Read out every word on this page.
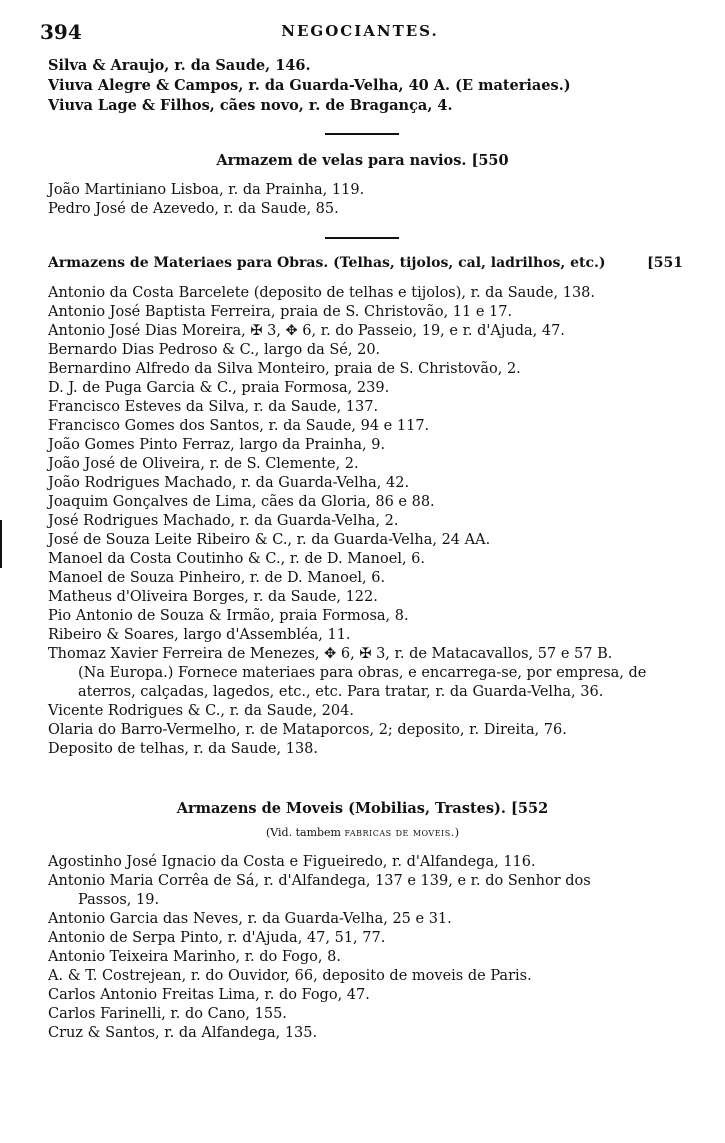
394	NEGOCIANTES.
Silva & Araujo, r. da Saude, 146.
Viuva Alegre & Campos, r. da Guarda-Velha, 40 A. (E materiaes.)
Viuva Lage & Filhos, cães novo, r. de Bragança, 4.
Armazem de velas para navios. [550
João Martiniano Lisboa, r. da Prainha, 119.
Pedro José de Azevedo, r. da Saude, 85.
Armazens de Materiaes para Obras. (Telhas, tijolos, cal, ladrilhos, etc.)	[551
Antonio da Costa Barcelete (deposito de telhas e tijolos), r. da Saude, 138.
Antonio José Baptista Ferreira, praia de S. Christovão, 11 e 17.
Antonio José Dias Moreira, ✠ 3, ✥ 6, r. do Passeio, 19, e r. d'Ajuda, 47.
Bernardo Dias Pedroso & C., largo da Sé, 20.
Bernardino Alfredo da Silva Monteiro, praia de S. Christovão, 2.
D. J. de Puga Garcia & C., praia Formosa, 239.
Francisco Esteves da Silva, r. da Saude, 137.
Francisco Gomes dos Santos, r. da Saude, 94 e 117.
João Gomes Pinto Ferraz, largo da Prainha, 9.
João José de Oliveira, r. de S. Clemente, 2.
João Rodrigues Machado, r. da Guarda-Velha, 42.
Joaquim Gonçalves de Lima, cães da Gloria, 86 e 88.
José Rodrigues Machado, r. da Guarda-Velha, 2.
José de Souza Leite Ribeiro & C., r. da Guarda-Velha, 24 AA.
Manoel da Costa Coutinho & C., r. de D. Manoel, 6.
Manoel de Souza Pinheiro, r. de D. Manoel, 6.
Matheus d'Oliveira Borges, r. da Saude, 122.
Pio Antonio de Souza & Irmão, praia Formosa, 8.
Ribeiro & Soares, largo d'Assembléa, 11.
Thomaz Xavier Ferreira de Menezes, ✥ 6, ✠ 3, r. de Matacavallos, 57 e 57 B.
(Na Europa.) Fornece materiaes para obras, e encarrega-se, por empresa, de
aterros, calçadas, lagedos, etc., etc. Para tratar, r. da Guarda-Velha, 36.
Vicente Rodrigues & C., r. da Saude, 204.
Olaria do Barro-Vermelho, r. de Mataporcos, 2; deposito, r. Direita, 76.
Deposito de telhas, r. da Saude, 138.
Armazens de Moveis (Mobilias, Trastes). [552
(Vid. tambem fabricas de moveis.)
Agostinho José Ignacio da Costa e Figueiredo, r. d'Alfandega, 116.
Antonio Maria Corrêa de Sá, r. d'Alfandega, 137 e 139, e r. do Senhor dos
Passos, 19.
Antonio Garcia das Neves, r. da Guarda-Velha, 25 e 31.
Antonio de Serpa Pinto, r. d'Ajuda, 47, 51, 77.
Antonio Teixeira Marinho, r. do Fogo, 8.
A. & T. Costrejean, r. do Ouvidor, 66, deposito de moveis de Paris.
Carlos Antonio Freitas Lima, r. do Fogo, 47.
Carlos Farinelli, r. do Cano, 155.
Cruz & Santos, r. da Alfandega, 135.
